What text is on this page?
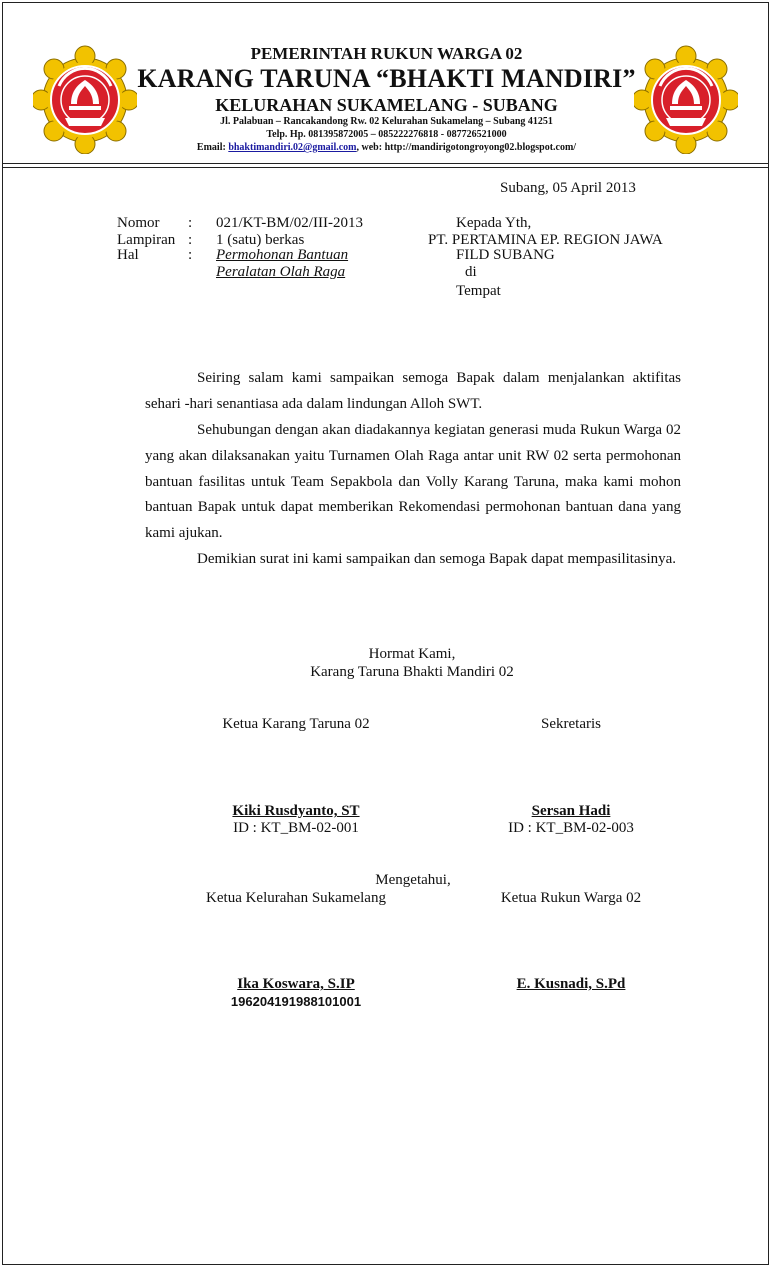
PEMERINTAH RUKUN WARGA 02
KARANG TARUNA “BHAKTI MANDIRI”
KELURAHAN SUKAMELANG - SUBANG
Jl. Palabuan – Rancakandong Rw. 02 Kelurahan Sukamelang – Subang 41251
Telp. Hp. 081395872005 – 085222276818 - 087726521000
Email: bhaktimandiri.02@gmail.com, web: http://mandirigotongroyong02.blogspot.com/
Subang, 05 April 2013
Nomor : 021/KT-BM/02/III-2013
Lampiran : 1 (satu) berkas
Hal	: Permohonan Bantuan
Peralatan Olah Raga
Kepada Yth,
PT. PERTAMINA EP. REGION JAWA
FILD SUBANG
di
Tempat
Seiring salam kami sampaikan semoga Bapak dalam menjalankan aktifitas sehari -hari senantiasa ada dalam lindungan Alloh SWT.
Sehubungan dengan akan diadakannya kegiatan generasi muda Rukun Warga 02 yang akan dilaksanakan yaitu Turnamen Olah Raga antar unit RW 02 serta permohonan bantuan fasilitas untuk Team Sepakbola dan Volly Karang Taruna, maka kami mohon bantuan Bapak untuk dapat memberikan Rekomendasi permohonan bantuan dana yang kami ajukan.
Demikian surat ini kami sampaikan dan semoga Bapak dapat mempasilitasinya.
Hormat Kami,
Karang Taruna Bhakti Mandiri 02
Ketua Karang Taruna 02	Sekretaris
Kiki Rusdyanto, ST
ID : KT_BM-02-001
Sersan Hadi
ID : KT_BM-02-003
Mengetahui,
Ketua Kelurahan Sukamelang	Ketua Rukun Warga 02
Ika Koswara, S.IP
196204191988101001
E. Kusnadi, S.Pd
